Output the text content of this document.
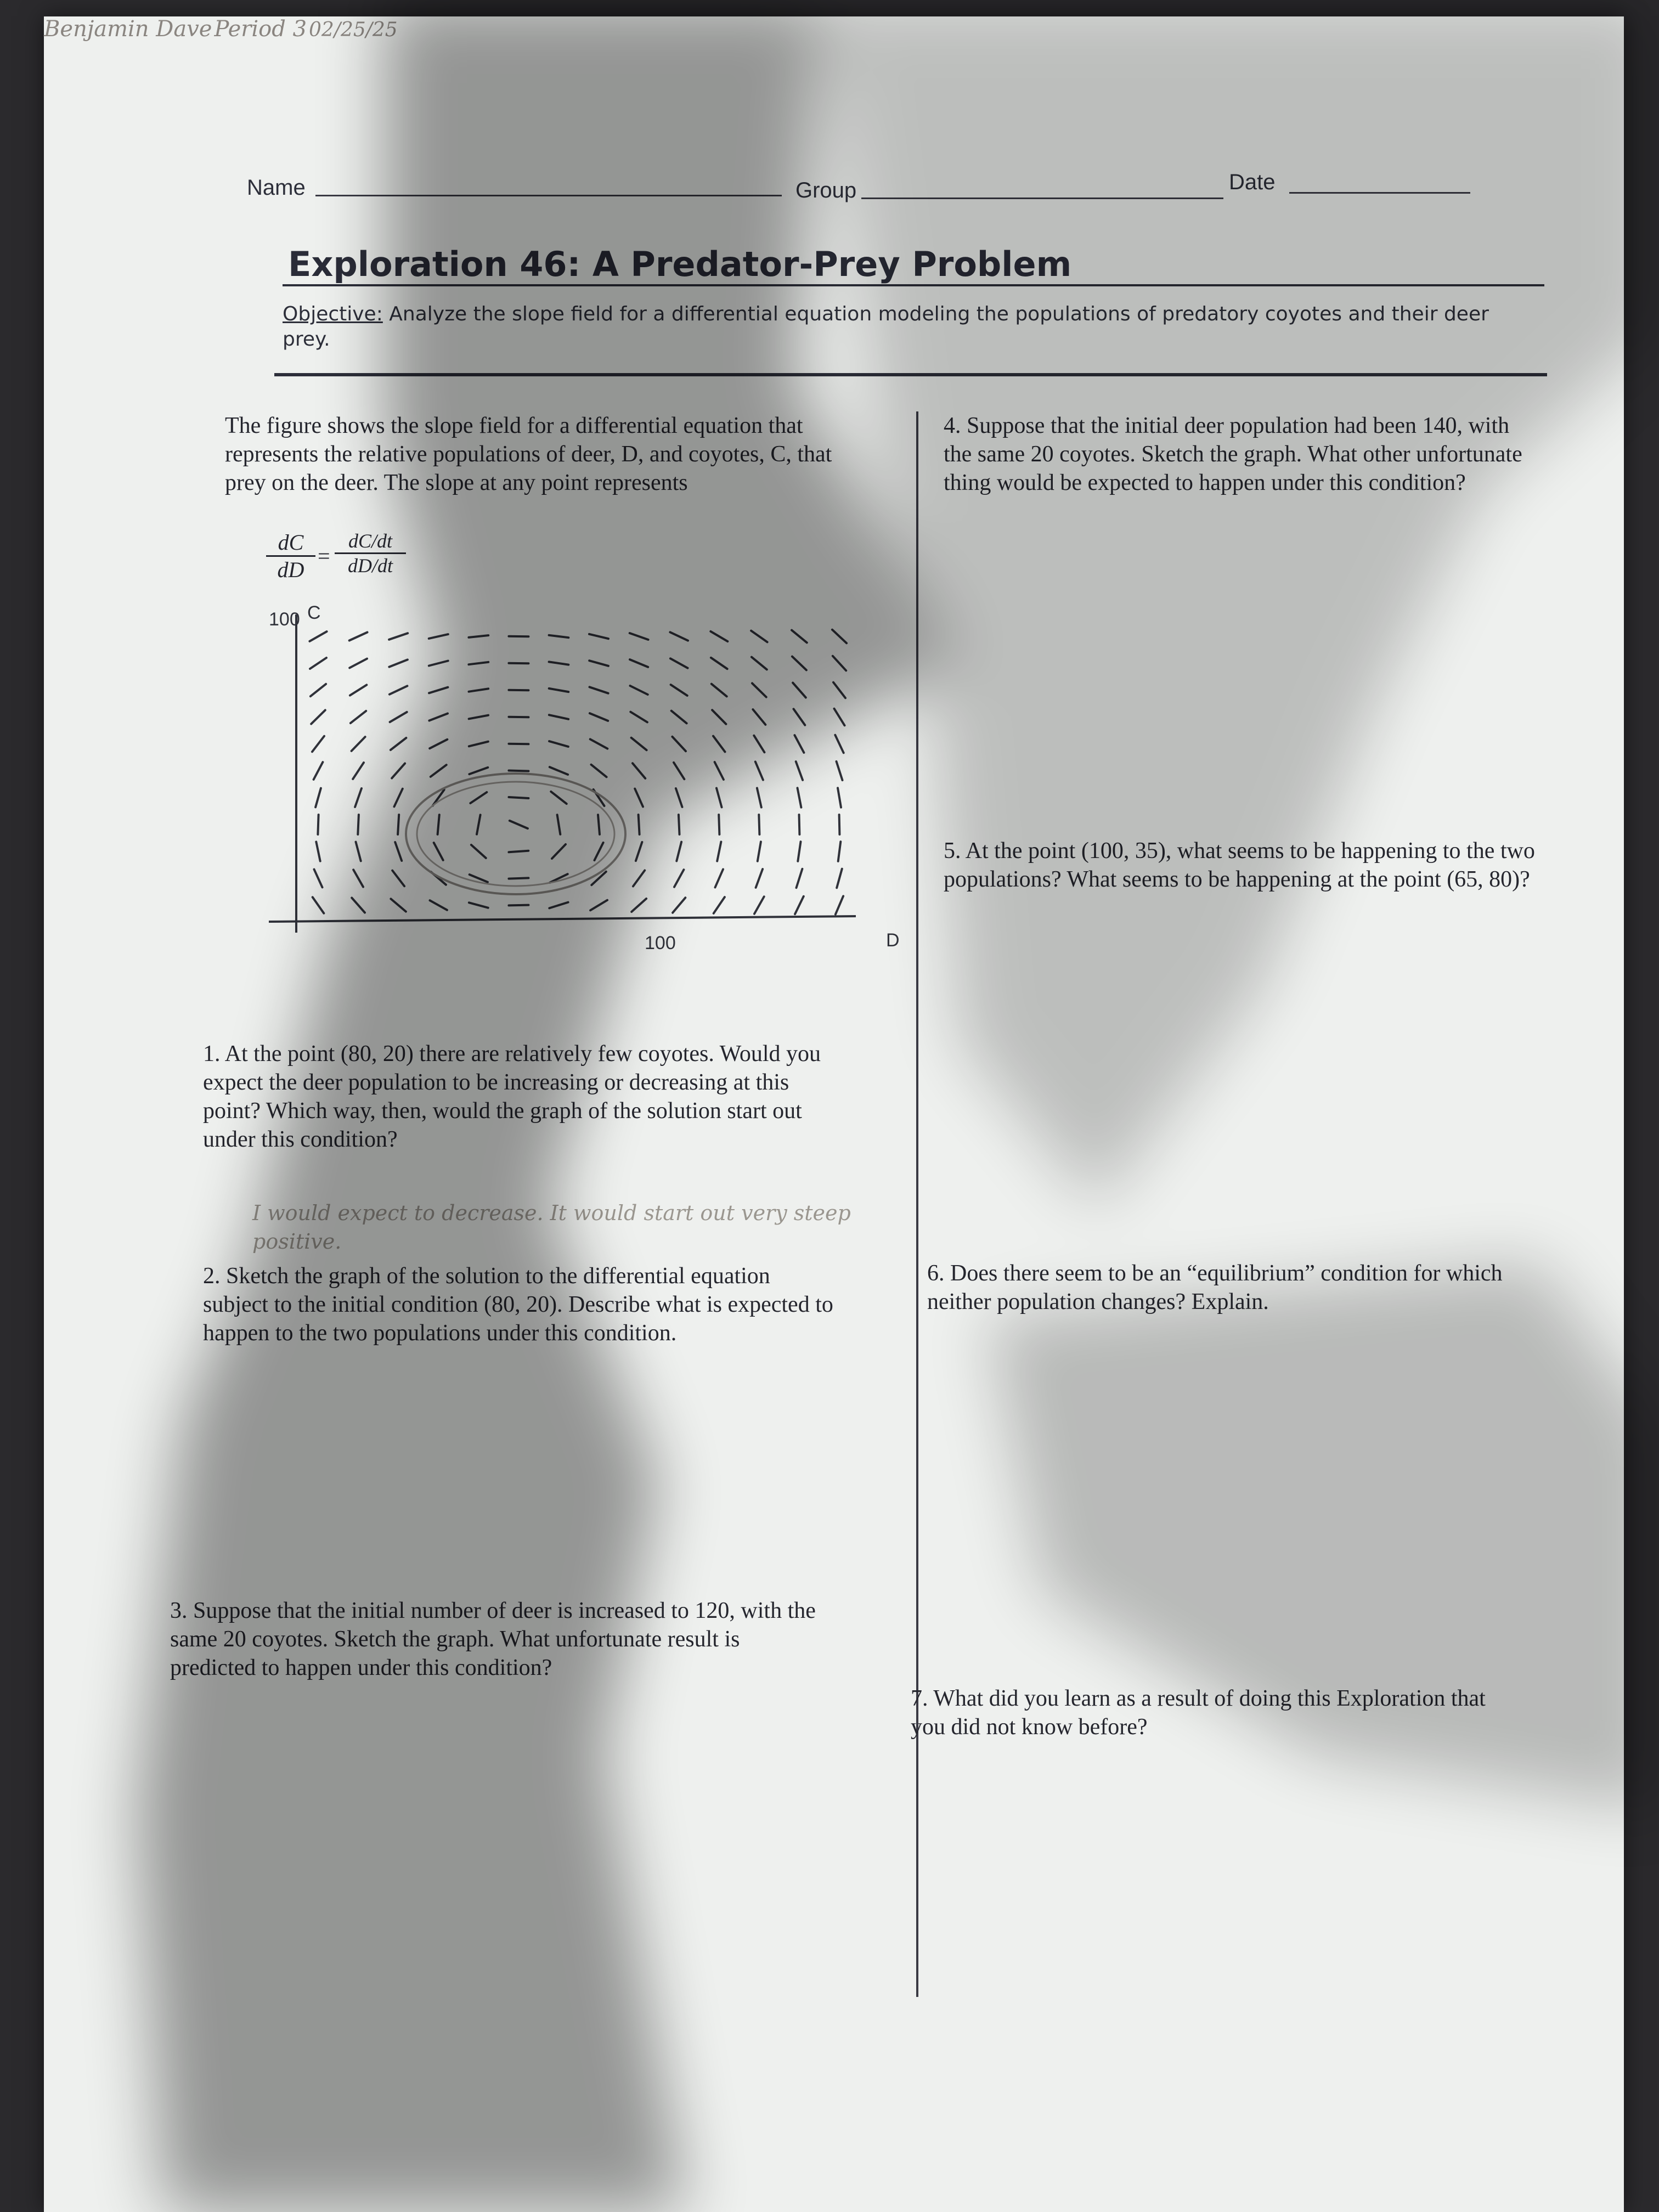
Name
Benjamin Dave
Group
Period 3
Date
02/25/25
Exploration 46: A Predator-Prey Problem
Objective: Analyze the slope field for a differential equation modeling the populations of predatory coyotes and their deer prey.
The figure shows the slope field for a differential equation that represents the relative populations of deer, D, and coyotes, C, that prey on the deer. The slope at any point represents
$\frac{dC}{dD} = \frac{dC/dt}{dD/dt}$
100 C
100	D
1. At the point (80, 20) there are relatively few coyotes. Would you expect the deer population to be increasing or decreasing at this point? Which way, then, would the graph of the solution start out under this condition?
I would expect to decrease. It would start out very steep positive.
2. Sketch the graph of the solution to the differential equation subject to the initial condition (80, 20). Describe what is expected to happen to the two populations under this condition.
3. Suppose that the initial number of deer is increased to 120, with the same 20 coyotes. Sketch the graph. What unfortunate result is predicted to happen under this condition?
4. Suppose that the initial deer population had been 140, with the same 20 coyotes. Sketch the graph. What other unfortunate thing would be expected to happen under this condition?
5. At the point (100, 35), what seems to be happening to the two populations? What seems to be happening at the point (65, 80)?
6. Does there seem to be an “equilibrium” condition for which neither population changes? Explain.
7. What did you learn as a result of doing this Exploration that you did not know before?
